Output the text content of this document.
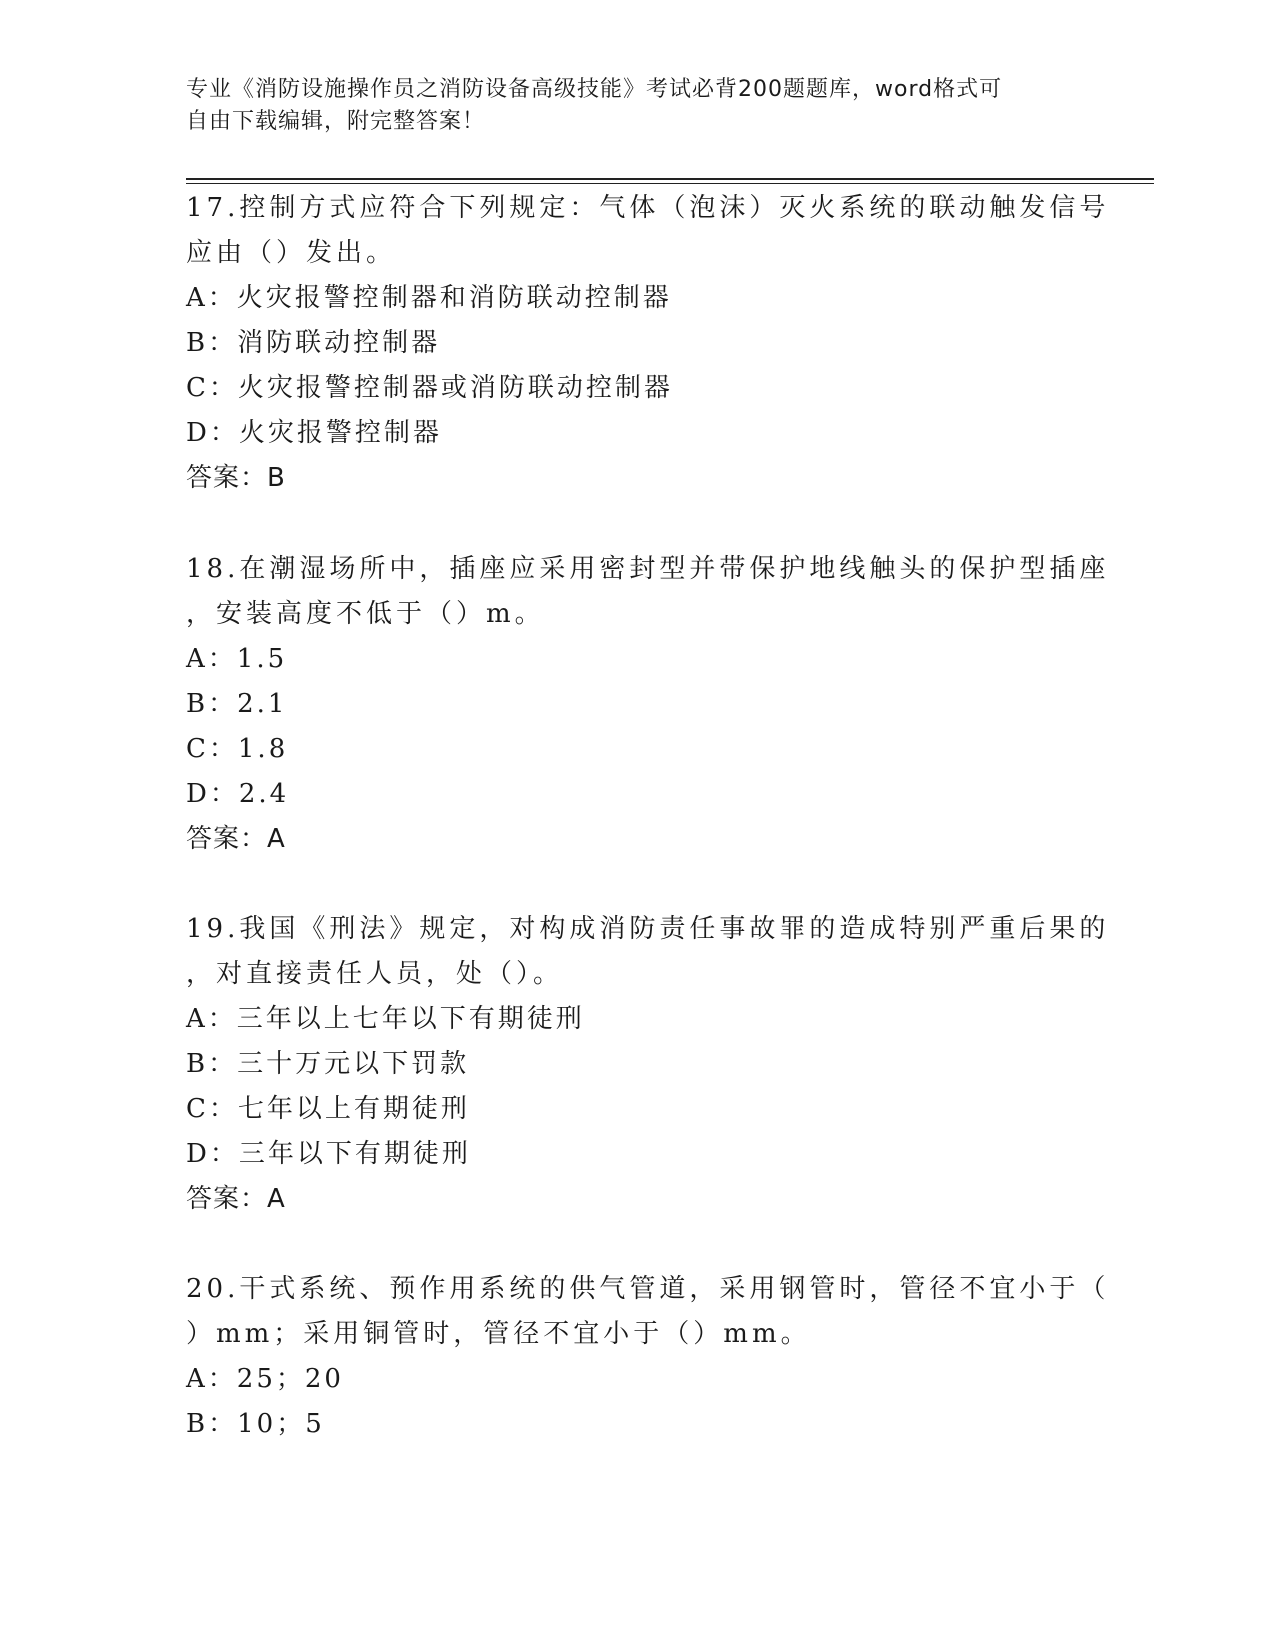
专业《消防设施操作员之消防设备高级技能》考试必背200题题库，word格式可
自由下载编辑，附完整答案！
17.控制方式应符合下列规定：气体（泡沫）灭火系统的联动触发信号
应由（）发出。
A：火灾报警控制器和消防联动控制器
B：消防联动控制器
C：火灾报警控制器或消防联动控制器
D：火灾报警控制器
答案：B
18.在潮湿场所中，插座应采用密封型并带保护地线触头的保护型插座
，安装高度不低于（）m。
A：1.5
B：2.1
C：1.8
D：2.4
答案：A
19.我国《刑法》规定，对构成消防责任事故罪的造成特别严重后果的
，对直接责任人员，处（）。
A：三年以上七年以下有期徒刑
B：三十万元以下罚款
C：七年以上有期徒刑
D：三年以下有期徒刑
答案：A
20.干式系统、预作用系统的供气管道，采用钢管时，管径不宜小于（
）mm；采用铜管时，管径不宜小于（）mm。
A：25；20
B：10；5
